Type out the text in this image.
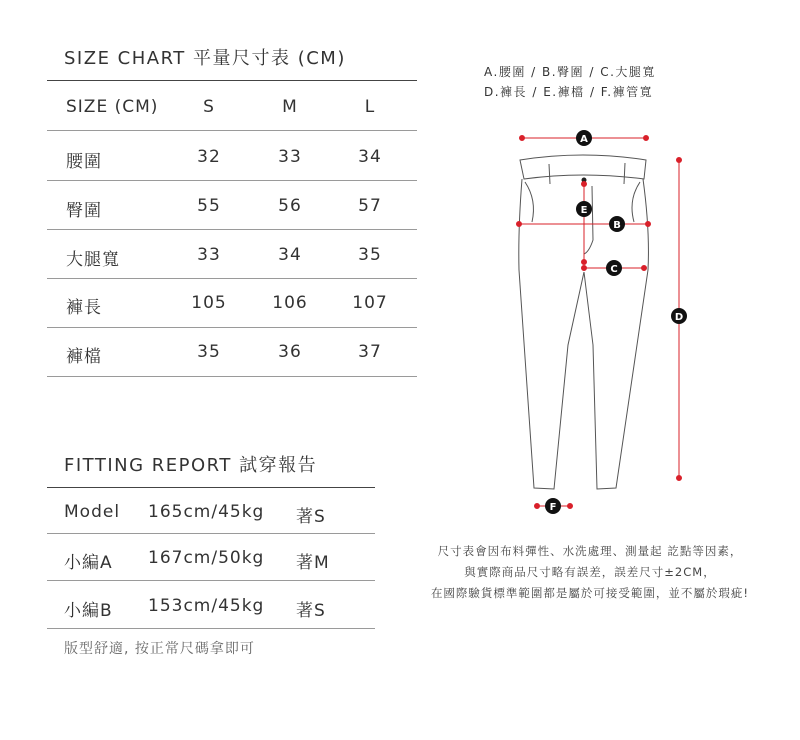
SIZE CHART 平量尺寸表 (CM)
SIZE (CM)	S	M	L
腰圍	32	33	34
臀圍	55	56	57
大腿寬	33	34	35
褲長	105	106	107
褲檔	35	36	37
FITTING REPORT 試穿報告
Model 165cm/45kg 著S
小編A 167cm/50kg 著M
小編B 153cm/45kg 著S
版型舒適, 按正常尺碼拿即可
A.腰圍 / B.臀圍 / C.大腿寬
D.褲長 / E.褲檔 / F.褲管寬
A
E
B
C
D
F
尺寸表會因布料彈性、水洗處理、測量起 訖點等因素，
與實際商品尺寸略有誤差，誤差尺寸±2CM，
在國際驗貨標準範圍都是屬於可接受範圍，並不屬於瑕疵!
